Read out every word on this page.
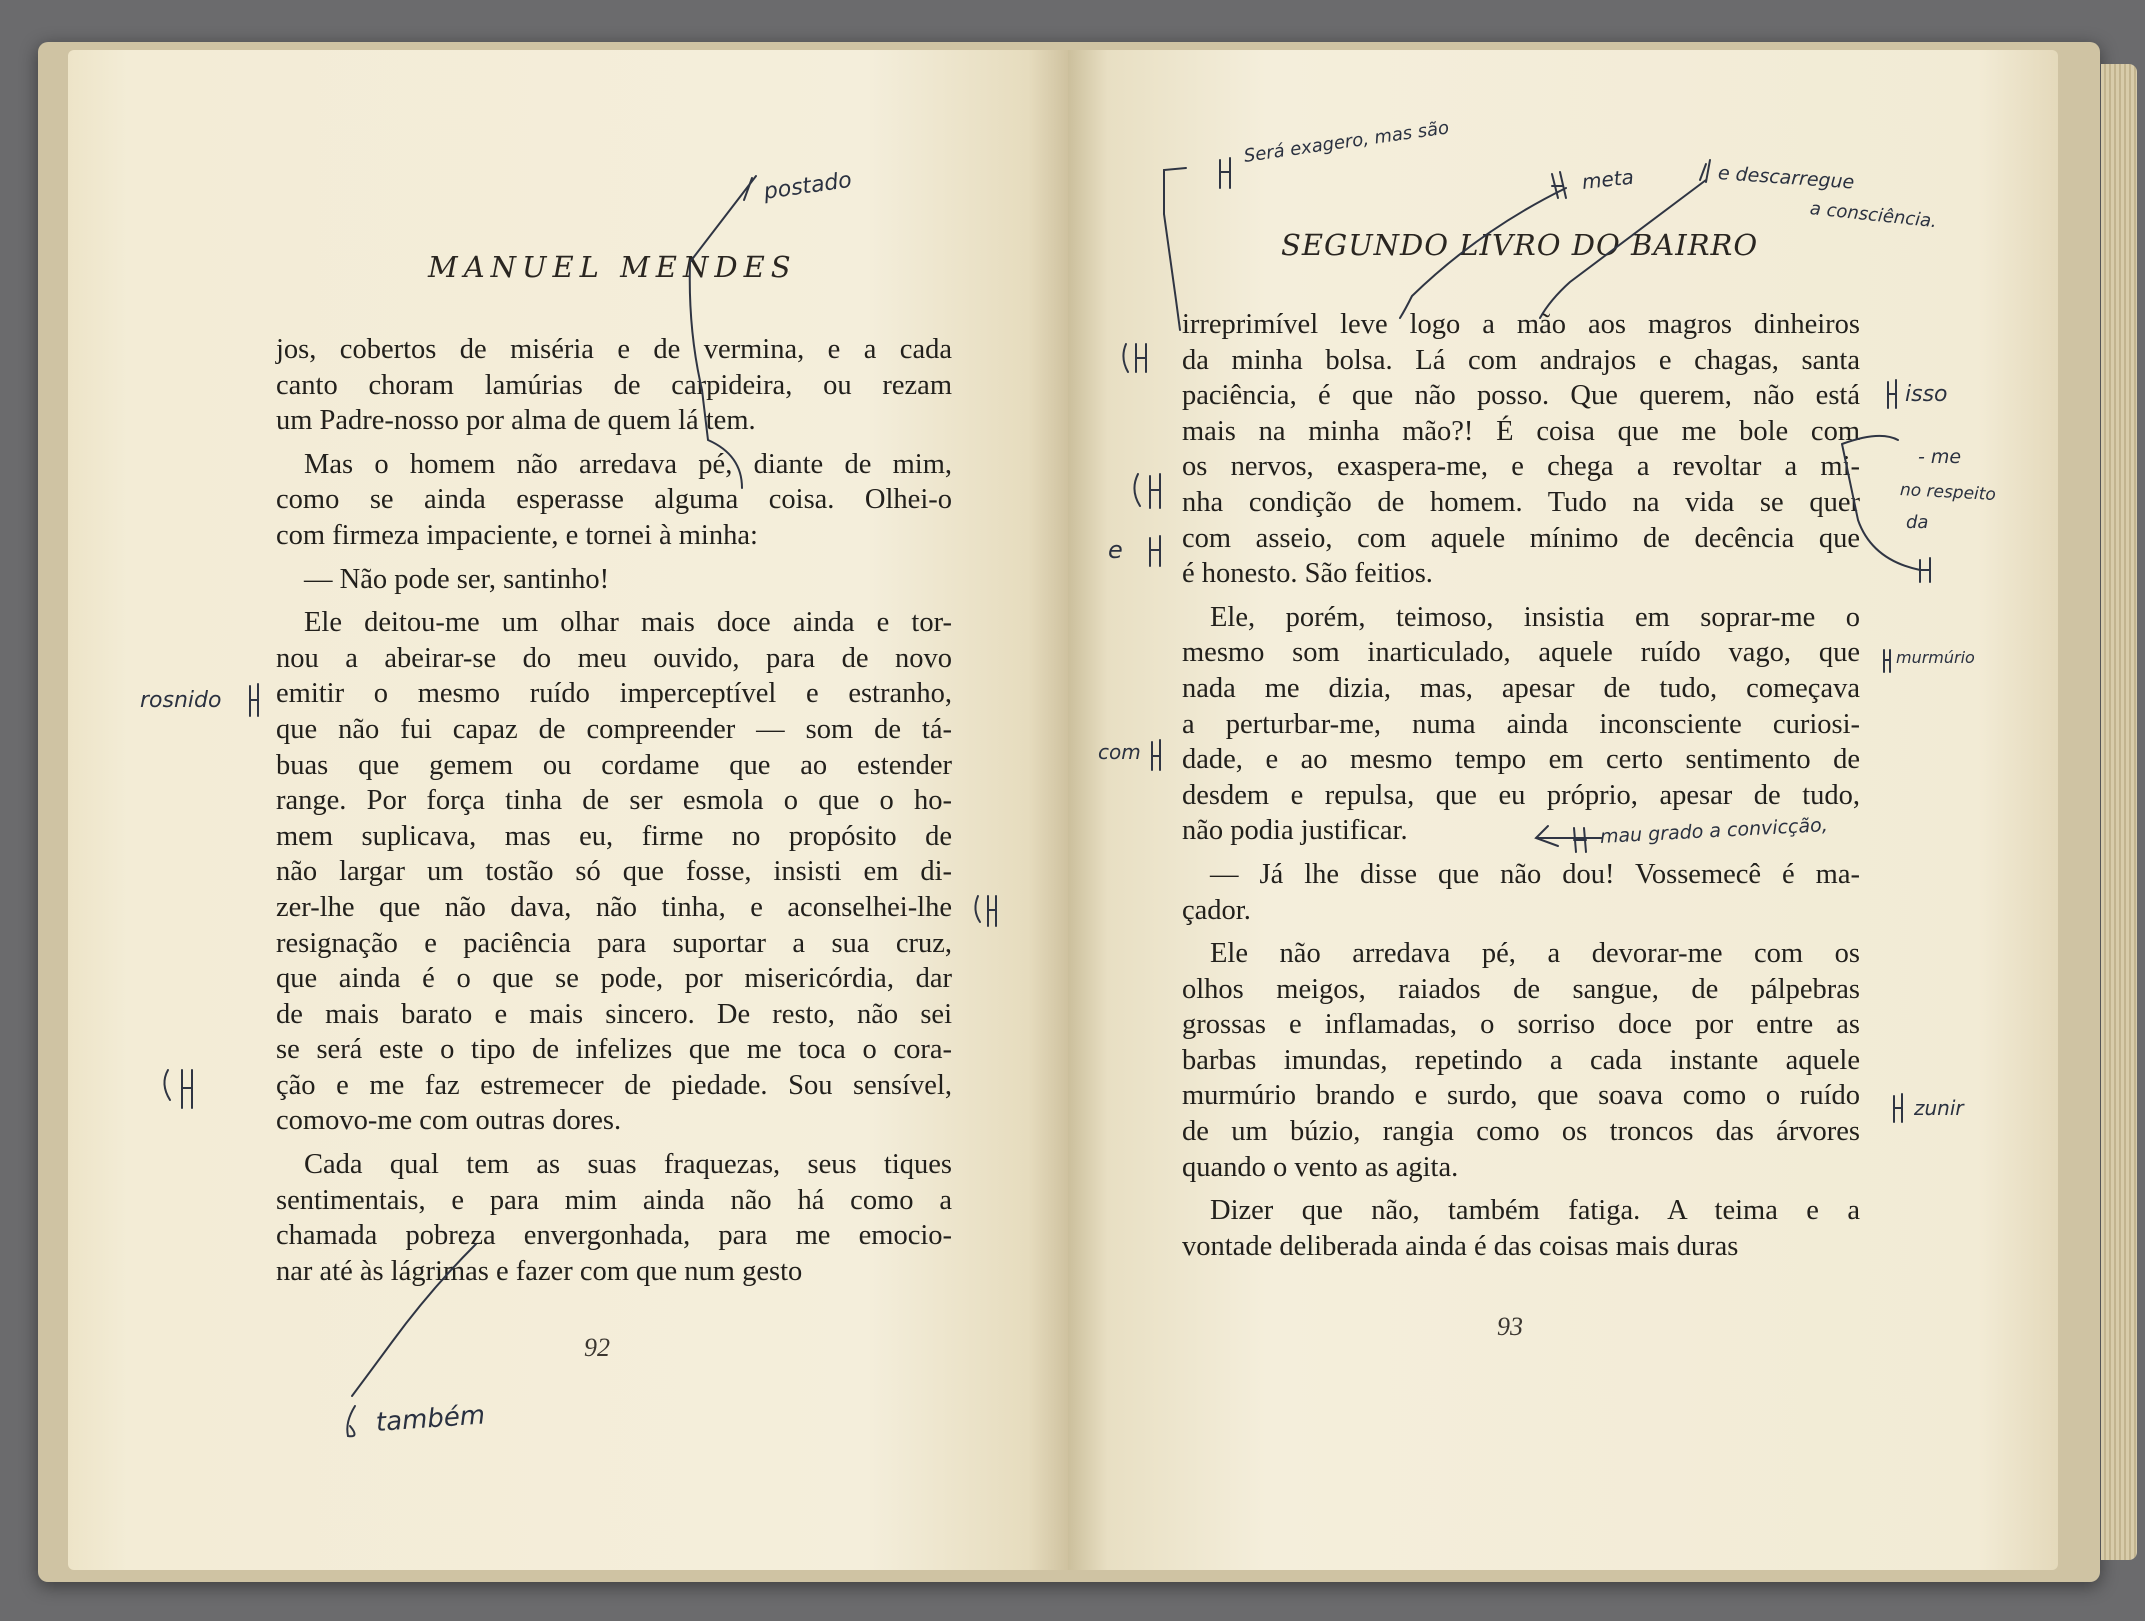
MANUEL MENDES
jos, cobertos de miséria e de vermina, e a cada
canto choram lamúrias de carpideira, ou rezam
um Padre-nosso por alma de quem lá tem.
Mas o homem não arredava pé, diante de mim,
como se ainda esperasse alguma coisa. Olhei-o
com firmeza impaciente, e tornei à minha:
— Não pode ser, santinho!
Ele deitou-me um olhar mais doce ainda e tor-
nou a abeirar-se do meu ouvido, para de novo
emitir o mesmo ruído imperceptível e estranho,
que não fui capaz de compreender — som de tá-
buas que gemem ou cordame que ao estender
range. Por força tinha de ser esmola o que o ho-
mem suplicava, mas eu, firme no propósito de
não largar um tostão só que fosse, insisti em di-
zer-lhe que não dava, não tinha, e aconselhei-lhe
resignação e paciência para suportar a sua cruz,
que ainda é o que se pode, por misericórdia, dar
de mais barato e mais sincero. De resto, não sei
se será este o tipo de infelizes que me toca o cora-
ção e me faz estremecer de piedade. Sou sensível,
comovo-me com outras dores.
Cada qual tem as suas fraquezas, seus tiques
sentimentais, e para mim ainda não há como a
chamada pobreza envergonhada, para me emocio-
nar até às lágrimas e fazer com que num gesto
92
SEGUNDO LIVRO DO BAIRRO
irreprimível leve logo a mão aos magros dinheiros
da minha bolsa. Lá com andrajos e chagas, santa
paciência, é que não posso. Que querem, não está
mais na minha mão?! É coisa que me bole com
os nervos, exaspera-me, e chega a revoltar a mi-
nha condição de homem. Tudo na vida se quer
com asseio, com aquele mínimo de decência que
é honesto. São feitios.
Ele, porém, teimoso, insistia em soprar-me o
mesmo som inarticulado, aquele ruído vago, que
nada me dizia, mas, apesar de tudo, começava
a perturbar-me, numa ainda inconsciente curiosi-
dade, e ao mesmo tempo em certo sentimento de
desdem e repulsa, que eu próprio, apesar de tudo,
não podia justificar.
— Já lhe disse que não dou! Vossemecê é ma-
çador.
Ele não arredava pé, a devorar-me com os
olhos meigos, raiados de sangue, de pálpebras
grossas e inflamadas, o sorriso doce por entre as
barbas imundas, repetindo a cada instante aquele
murmúrio brando e surdo, que soava como o ruído
de um búzio, rangia como os troncos das árvores
quando o vento as agita.
Dizer que não, também fatiga. A teima e a
vontade deliberada ainda é das coisas mais duras
93
postado
rosnido
também
Será exagero, mas são
meta	e descarregue
a consciência.
isso
- me
no respeito
da
e
com
murmúrio
mau grado a convicção,
zunir
